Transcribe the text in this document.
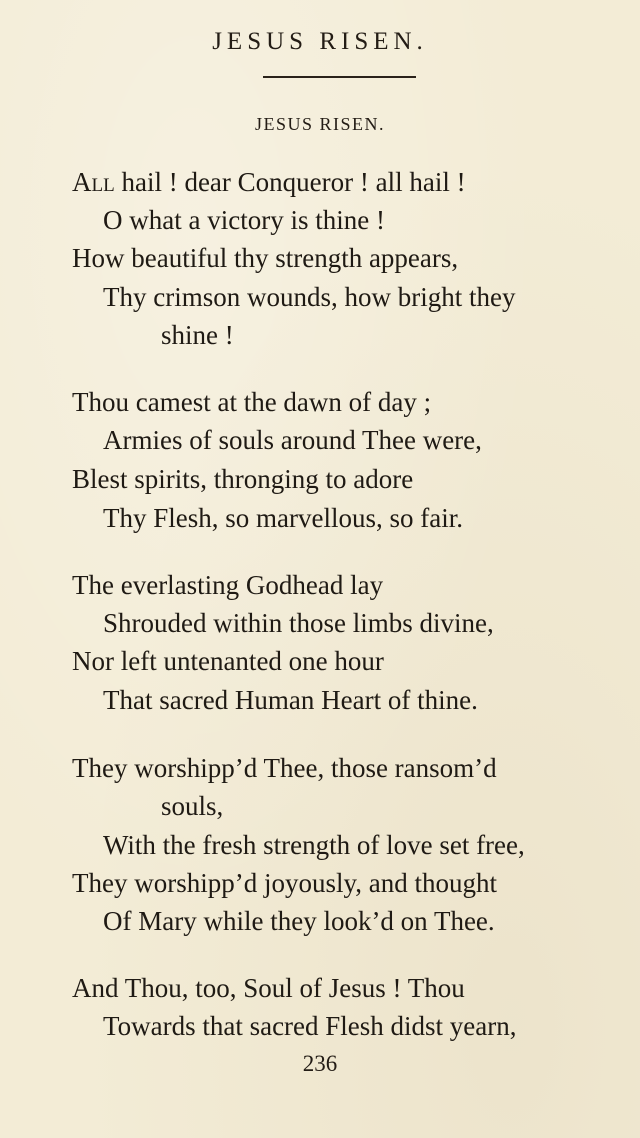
JESUS RISEN.
JESUS RISEN.
All hail ! dear Conqueror ! all hail !
O what a victory is thine !
How beautiful thy strength appears,
Thy crimson wounds, how bright they
shine !
Thou camest at the dawn of day ;
Armies of souls around Thee were,
Blest spirits, thronging to adore
Thy Flesh, so marvellous, so fair.
The everlasting Godhead lay
Shrouded within those limbs divine,
Nor left untenanted one hour
That sacred Human Heart of thine.
They worshipp’d Thee, those ransom’d
souls,
With the fresh strength of love set free,
They worshipp’d joyously, and thought
Of Mary while they look’d on Thee.
And Thou, too, Soul of Jesus ! Thou
Towards that sacred Flesh didst yearn,
236
